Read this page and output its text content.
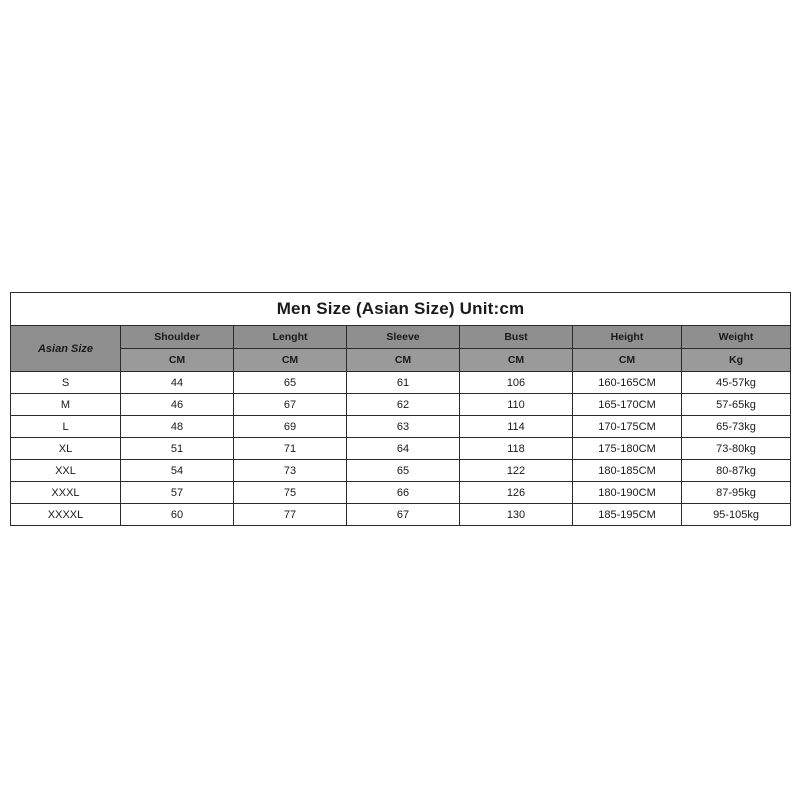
Men Size (Asian Size) Unit:cm						
Asian Size	Shoulder	Lenght	Sleeve	Bust	Height	Weight
	CM	CM	CM	CM	CM	Kg
S	44	65	61	106	160-165CM	45-57kg
M	46	67	62	110	165-170CM	57-65kg
L	48	69	63	114	170-175CM	65-73kg
XL	51	71	64	118	175-180CM	73-80kg
XXL	54	73	65	122	180-185CM	80-87kg
XXXL	57	75	66	126	180-190CM	87-95kg
XXXXL	60	77	67	130	185-195CM	95-105kg
